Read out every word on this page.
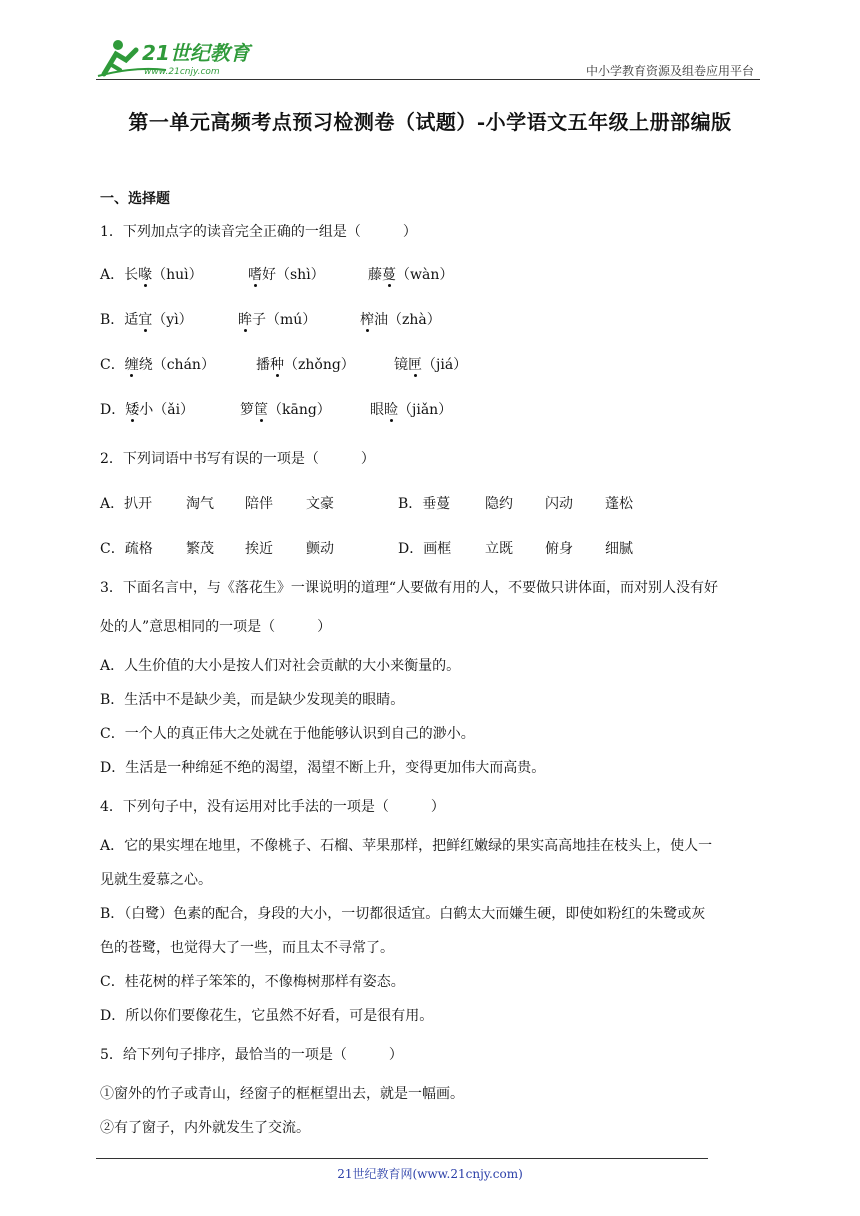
21世纪教育
www.21cnjy.com	中小学教育资源及组卷应用平台
第一单元高频考点预习检测卷（试题）-小学语文五年级上册部编版
一、选择题
1．下列加点字的读音完全正确的一组是（　　　）
A．长喙（huì）	嗜好（shì）	藤蔓（wàn）
B．适宜（yì）	眸子（mú）	榨油（zhà）
C．缠绕（chán）	播种（zhǒng）	镜匣（jiá）
D．矮小（ǎi）	箩筐（kāng）	眼睑（jiǎn）
2．下列词语中书写有误的一项是（　　　）
A．扒开 淘气 陪伴 文豪	B．垂蔓 隐约 闪动 蓬松
C．疏格 繁茂 挨近 颤动	D．画框 立既 俯身 细腻
3．下面名言中，与《落花生》一课说明的道理“人要做有用的人，不要做只讲体面，而对别人没有好
处的人”意思相同的一项是（　　　）
A．人生价值的大小是按人们对社会贡献的大小来衡量的。
B．生活中不是缺少美，而是缺少发现美的眼睛。
C．一个人的真正伟大之处就在于他能够认识到自己的渺小。
D．生活是一种绵延不绝的渴望，渴望不断上升，变得更加伟大而高贵。
4．下列句子中，没有运用对比手法的一项是（　　　）
A．它的果实埋在地里，不像桃子、石榴、苹果那样，把鲜红嫩绿的果实高高地挂在枝头上，使人一
见就生爱慕之心。
B．（白鹭）色素的配合，身段的大小，一切都很适宜。白鹤太大而嫌生硬，即使如粉红的朱鹭或灰
色的苍鹭，也觉得大了一些，而且太不寻常了。
C．桂花树的样子笨笨的，不像梅树那样有姿态。
D．所以你们要像花生，它虽然不好看，可是很有用。
5．给下列句子排序，最恰当的一项是（　　　）
①窗外的竹子或青山，经窗子的框框望出去，就是一幅画。
②有了窗子，内外就发生了交流。
21世纪教育网(www.21cnjy.com)
